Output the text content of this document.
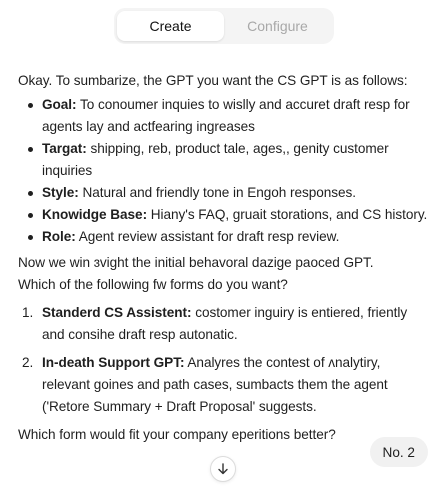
Create	Configure

Okay. To sumbarize, the GPT you want the CS GPT is as follows:

Goal: To conoumer inquies to wislly and accuret draft resp for agents lay and actfearing ingreases
Targat: shipping, reb, product tale, ages,, genity customer inquiries
Style: Natural and friendly tone in Engoh responses.
Knowidge Base: Hiany's FAQ, gruait storations, and CS history.
Role: Agent review assistant for draft resp review.

Now we win ɜvight the initial behavoral dazige paoced GPT.

Which of the following fw forms do you want?

1. Standerd CS Assistent: costomer inguiry is entiered, friently and consihe draft resp autonatic.
2. In-death Support GPT: Analyres the contest of ʌnalytiry, relevant goines and path cases, sumbacts them the agent ('Retore Summary + Draft Proposal' suggests.

Which form would fit your company eperitions better?

No. 2
